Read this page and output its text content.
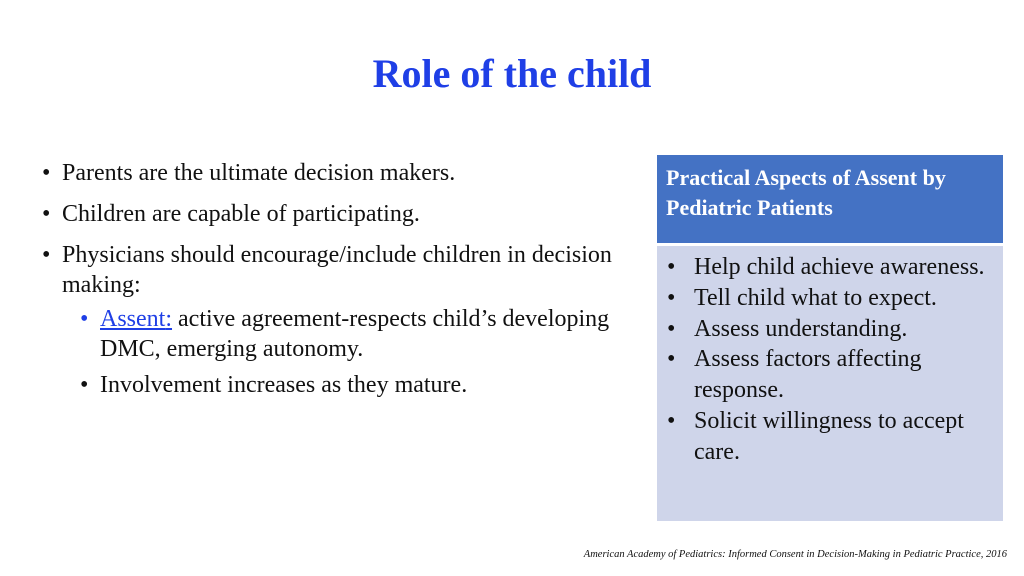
Role of the child
• Parents are the ultimate decision makers.
• Children are capable of participating.
• Physicians should encourage/include children in decision making:
• Assent: active agreement-respects child’s developing DMC, emerging autonomy.
• Involvement increases as they mature.
Practical Aspects of Assent by Pediatric Patients
• Help child achieve awareness.
• Tell child what to expect.
• Assess understanding.
• Assess factors affecting response.
• Solicit willingness to accept care.
American Academy of Pediatrics: Informed Consent in Decision-Making in Pediatric Practice, 2016
